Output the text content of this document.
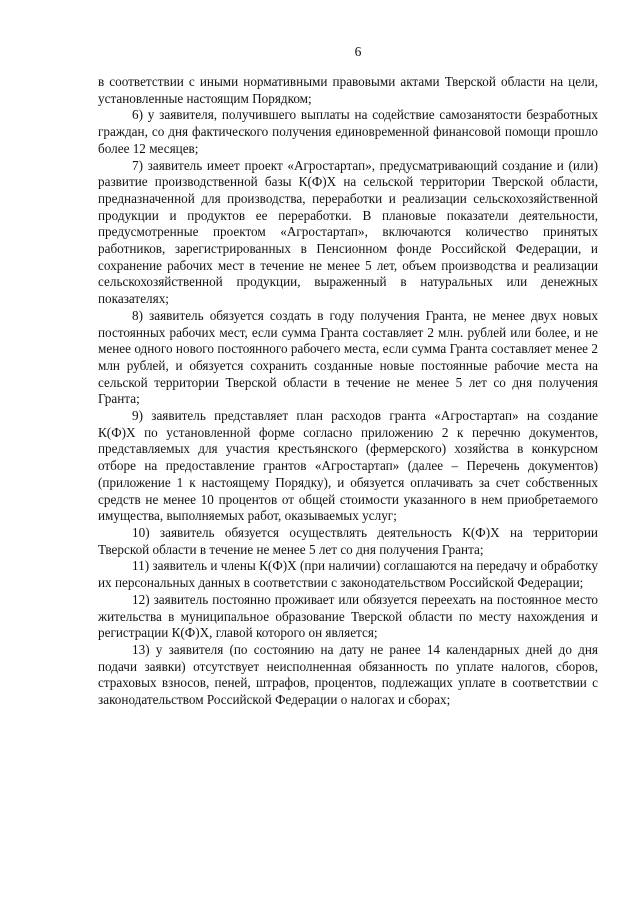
6

в соответствии с иными нормативными правовыми актами Тверской области на цели, установленные настоящим Порядком;

6) у заявителя, получившего выплаты на содействие самозанятости безработных граждан, со дня фактического получения единовременной финансовой помощи прошло более 12 месяцев;

7) заявитель имеет проект «Агростартап», предусматривающий создание и (или) развитие производственной базы К(Ф)Х на сельской территории Тверской области, предназначенной для производства, переработки и реализации сельскохозяйственной продукции и продуктов ее переработки. В плановые показатели деятельности, предусмотренные проектом «Агростартап», включаются количество принятых работников, зарегистрированных в Пенсионном фонде Российской Федерации, и сохранение рабочих мест в течение не менее 5 лет, объем производства и реализации сельскохозяйственной продукции, выраженный в натуральных или денежных показателях;

8) заявитель обязуется создать в году получения Гранта, не менее двух новых постоянных рабочих мест, если сумма Гранта составляет 2 млн. рублей или более, и не менее одного нового постоянного рабочего места, если сумма Гранта составляет менее 2 млн рублей, и обязуется сохранить созданные новые постоянные рабочие места на сельской территории Тверской области в течение не менее 5 лет со дня получения Гранта;

9) заявитель представляет план расходов гранта «Агростартап» на создание К(Ф)Х по установленной форме согласно приложению 2 к перечню документов, представляемых для участия крестьянского (фермерского) хозяйства в конкурсном отборе на предоставление грантов «Агростартап» (далее – Перечень документов) (приложение 1 к настоящему Порядку), и обязуется оплачивать за счет собственных средств не менее 10 процентов от общей стоимости указанного в нем приобретаемого имущества, выполняемых работ, оказываемых услуг;

10) заявитель обязуется осуществлять деятельность К(Ф)Х на территории Тверской области в течение не менее 5 лет со дня получения Гранта;

11) заявитель и члены К(Ф)Х (при наличии) соглашаются на передачу и обработку их персональных данных в соответствии с законодательством Российской Федерации;

12) заявитель постоянно проживает или обязуется переехать на постоянное место жительства в муниципальное образование Тверской области по месту нахождения и регистрации К(Ф)Х, главой которого он является;

13) у заявителя (по состоянию на дату не ранее 14 календарных дней до дня подачи заявки) отсутствует неисполненная обязанность по уплате налогов, сборов, страховых взносов, пеней, штрафов, процентов, подлежащих уплате в соответствии с законодательством Российской Федерации о налогах и сборах;
